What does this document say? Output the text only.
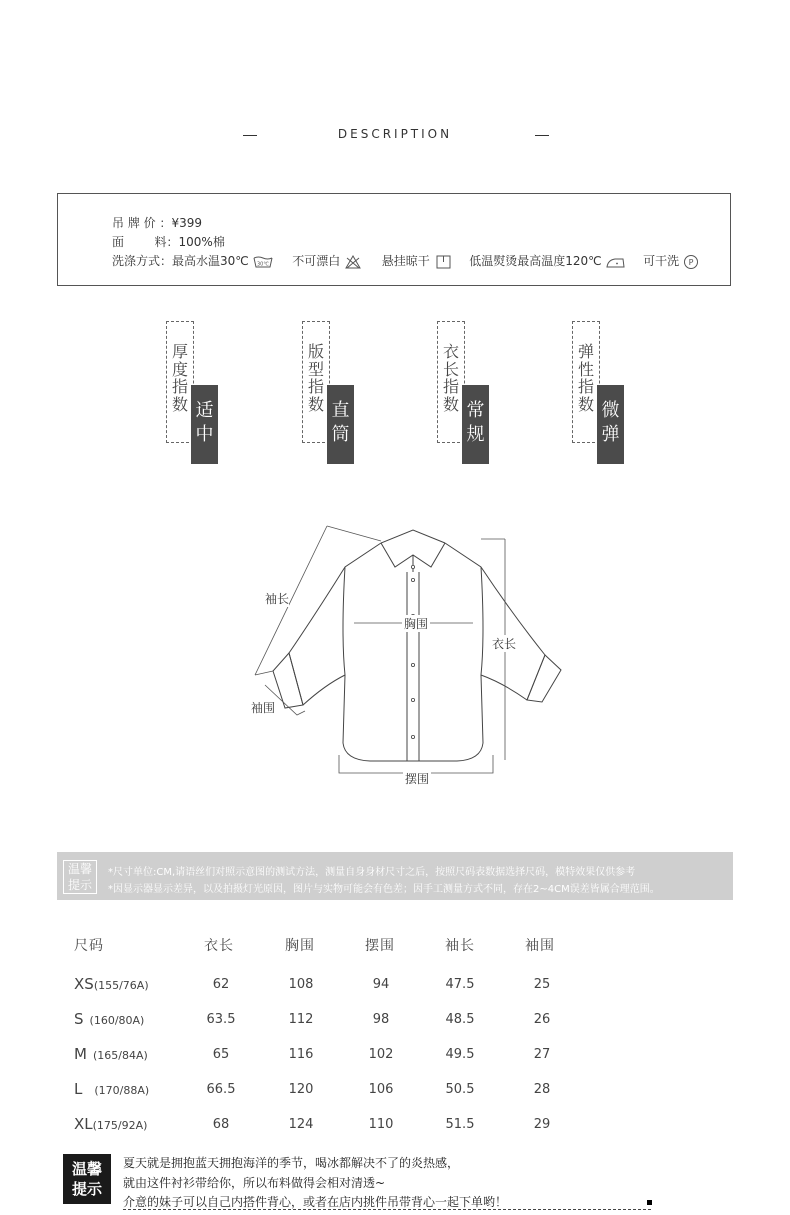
DESCRIPTION
吊 牌 价 ：¥399
面        料：100%棉
洗涤方式：最高水温30℃ 30℃ 不可漂白	悬挂晾干	低温熨烫最高温度120℃	可干洗 P
厚度指数 适中
版型指数 直筒
衣长指数 常规
弹性指数 微弹
袖长
胸围
衣长
袖围
摆围
温馨
提示
*尺寸单位:CM,请语丝们对照示意图的测试方法，测量自身身材尺寸之后，按照尺码表数据选择尺码，模特效果仅供参考
*因显示器显示差异，以及拍摄灯光原因，图片与实物可能会有色差；因手工测量方式不同，存在2~4CM误差皆属合理范围。
尺码	衣长	胸围	摆围	袖长	袖围
XS(155/76A)	62	108	94	47.5	25
S (160/80A)	63.5	112	98	48.5	26
M (165/84A)	65	116	102	49.5	27
L (170/88A)	66.5	120	106	50.5	28
XL(175/92A)	68	124	110	51.5	29
温馨
提示
夏天就是拥抱蓝天拥抱海洋的季节，喝冰都解决不了的炎热感，
就由这件衬衫带给你，所以布料做得会相对清透~
介意的妹子可以自己内搭件背心，或者在店内挑件吊带背心一起下单哟！
